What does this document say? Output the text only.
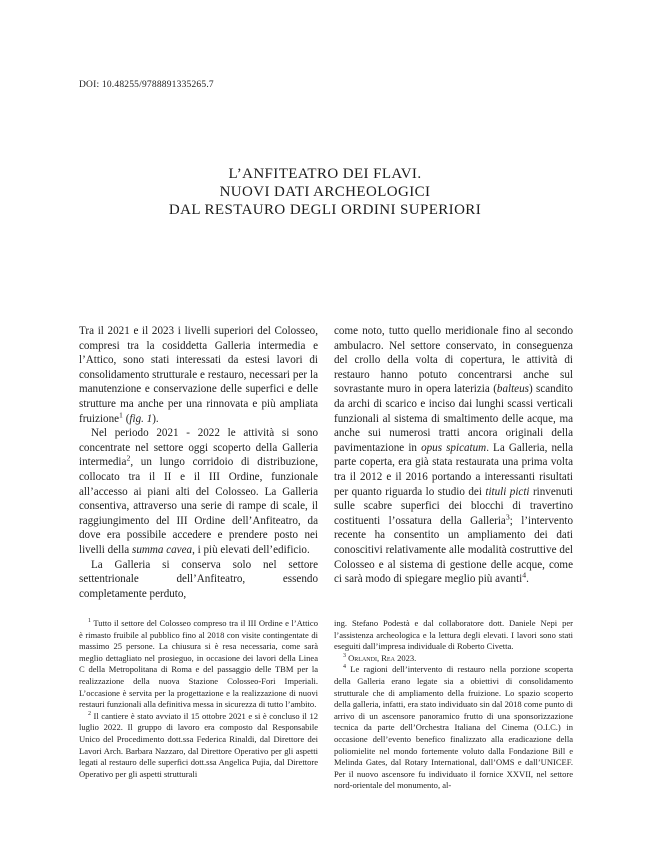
DOI: 10.48255/9788891335265.7
L’ANFITEATRO DEI FLAVI.
NUOVI DATI ARCHEOLOGICI
DAL RESTAURO DEGLI ORDINI SUPERIORI

Tra il 2021 e il 2023 i livelli superiori del Colosseo, compresi tra la cosiddetta Galleria intermedia e l’Attico, sono stati interessati da estesi lavori di consolidamento strutturale e restauro, necessari per la manutenzione e conservazione delle superfici e delle strutture ma anche per una rinnovata e più ampliata fruizione$^1$ (fig. 1).

Nel periodo 2021 - 2022 le attività si sono concentrate nel settore oggi scoperto della Galleria intermedia$^2$, un lungo corridoio di distribuzione, collocato tra il II e il III Ordine, funzionale all’accesso ai piani alti del Colosseo. La Galleria consentiva, attraverso una serie di rampe di scale, il raggiungimento del III Ordine dell’Anfiteatro, da dove era possibile accedere e prendere posto nei livelli della summa cavea, i più elevati dell’edificio.

La Galleria si conserva solo nel settore settentrionale dell’Anfiteatro, essendo completamente perduto,

come noto, tutto quello meridionale fino al secondo ambulacro. Nel settore conservato, in conseguenza del crollo della volta di copertura, le attività di restauro hanno potuto concentrarsi anche sul sovrastante muro in opera laterizia (balteus) scandito da archi di scarico e inciso dai lunghi scassi verticali funzionali al sistema di smaltimento delle acque, ma anche sui numerosi tratti ancora originali della pavimentazione in opus spicatum. La Galleria, nella parte coperta, era già stata restaurata una prima volta tra il 2012 e il 2016 portando a interessanti risultati per quanto riguarda lo studio dei tituli picti rinvenuti sulle scabre superfici dei blocchi di travertino costituenti l’ossatura della Galleria$^3$; l’intervento recente ha consentito un ampliamento dei dati conoscitivi relativamente alle modalità costruttive del Colosseo e al sistema di gestione delle acque, come ci sarà modo di spiegare meglio più avanti$^4$.

$^1$ Tutto il settore del Colosseo compreso tra il III Ordine e l’Attico è rimasto fruibile al pubblico fino al 2018 con visite contingentate di massimo 25 persone. La chiusura si è resa necessaria, come sarà meglio dettagliato nel prosieguo, in occasione dei lavori della Linea C della Metropolitana di Roma e del passaggio delle TBM per la realizzazione della nuova Stazione Colosseo-Fori Imperiali. L’occasione è servita per la progettazione e la realizzazione di nuovi restauri funzionali alla definitiva messa in sicurezza di tutto l’ambito.

$^2$ Il cantiere è stato avviato il 15 ottobre 2021 e si è concluso il 12 luglio 2022. Il gruppo di lavoro era composto dal Responsabile Unico del Procedimento dott.ssa Federica Rinaldi, dal Direttore dei Lavori Arch. Barbara Nazzaro, dal Direttore Operativo per gli aspetti legati al restauro delle superfici dott.ssa Angelica Pujia, dal Direttore Operativo per gli aspetti strutturali

ing. Stefano Podestà e dal collaboratore dott. Daniele Nepi per l’assistenza archeologica e la lettura degli elevati. I lavori sono stati eseguiti dall’impresa individuale di Roberto Civetta.

$^3$ Orlandi, Rea 2023.

$^4$ Le ragioni dell’intervento di restauro nella porzione scoperta della Galleria erano legate sia a obiettivi di consolidamento strutturale che di ampliamento della fruizione. Lo spazio scoperto della galleria, infatti, era stato individuato sin dal 2018 come punto di arrivo di un ascensore panoramico frutto di una sponsorizzazione tecnica da parte dell’Orchestra Italiana del Cinema (O.I.C.) in occasione dell’evento benefico finalizzato alla eradicazione della poliomielite nel mondo fortemente voluto dalla Fondazione Bill e Melinda Gates, dal Rotary International, dall’OMS e dall’UNICEF. Per il nuovo ascensore fu individuato il fornice XXVII, nel settore nord-orientale del monumento, al-
